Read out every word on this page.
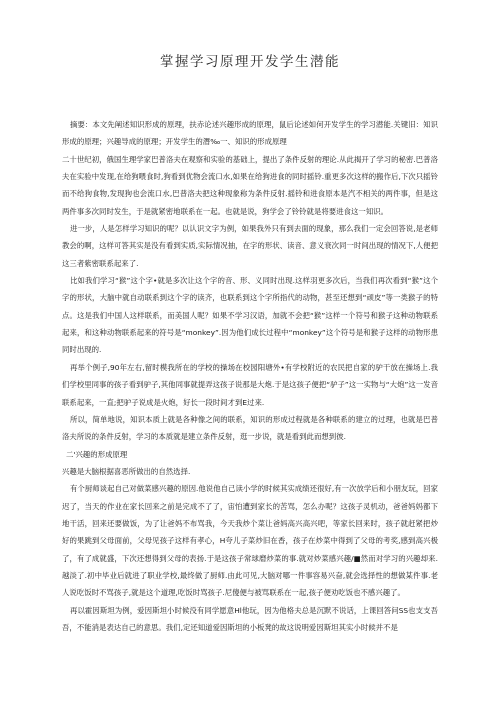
掌握学习原理开发学生潜能

摘要：本文先阐述知识形成的原理，扶赤论述兴趣形成的原理，鼠后论述如何开发学生的学习潜能.关键旧：知识形成的原理；兴趣导成的原理；开发学生的潛‰一、知识的形成原理

二十世纪初，俄国生理学家巴普洛夫在观察和实验的基础上，提出了条件反射的理论.从此揭开了学习的秘密.巴普洛夫在实验中发现,在给狗喂食时,狗看到优物会流口水,如果在给狗进食的同时摇铃.重更多次这样的搬作后,下次只摇铃而不给狗食物,发现狗也会流口水,巴普洛夫把这种现象称为条件反射.摇铃和进食原本是汽不相关的两件事，但是这两件事多次同时发生，于是就紧密地联系在一起。也就是说，狗学会了铃铃就是将要进食这一知识。

进一步，人是怎样学习知识的呢？以认识文字为例，如果我外只有到去面的现象，那么我们一定会回答说,是老师教会的啊，这样可答其实是没有看到实质,实际情况抽，在字的形状、读音、意义衰次同一时间出现的情况下,人便把这三者紫密联系起来了.

比如我们学习“猴”这个字•就是多次让这个字的音、形、义同时出现.这样羽更多次后，当我们再次看到“猴”这个字的形状，大脑中就自动联系到这个字的读齐，也联系到这个字所指代的动物，甚至还想到“顽皮”等一类猴子的特点。这是我们中国人这样联系，而美国人呢？如果不学习汉语，加就不会把“猴”这样一个符号和猴子这种动物联系起来，和这种动物联系起来的符号是“monkey”.因为他们成长过程中“monkey”这个符号是和猴子这样的动物形患同时出现的.

再举个例子,90年左右,留时模我所在的学校的操场在校园阳塘外•有学校附近的农民把自家的驴干放在操场上.我们学校里同事的孩子看到驴子,其他同事就提弄这孩子说那是大炮.于是这孩子便把“驴子”这一实物与“大炮”这一发音联系起来，一直;把驴子说成是火炮，好长一段时间才到E过来.

所以，简单地说，知识本质上就是各种像之间的联系，知识的形成过程就是各种联系的建立的过理，也就是巴普洛夫所说的条件反射，学习的本质就是建立条件反射，逛一步说，就是看到此而想到彼.

二'兴趣的形成原理

兴趣是大脑根据喜恶所做出的自然选择.

有个厨师谈起自己对做菜感兴趣的原因.他说他自己读小学的时候其实成绩还很好,有一次放学后和小朋友玩，回家迟了，当天的作业在家长回来之前是完成不了了，宙怕遭到家长的苦骂，怎么办呢？这孩子灵机动，爸爸妈妈都下地干活，回来还要做饭，为了让爸妈不布骂我，今天我炒个菜让爸妈高兴高兴吧，等家长回来时，孩子就赶紧把炒好的果跳到父母面前，父母见孩子这样有孝心，H夸儿子菜炒旧在香，孩子在炒菜中得到了父母的考奖,感到高兴极了，有了成就盛，下次还想得到父母的表扬.于是这孩子常球磨炒菜的事.就对炒菜感兴趣/■然而对学习的兴趣却来.越淡了.初中毕业后就进了职业学校,最终做了厨师.由此可见,大脑对哪一件事容易兴奋,就会选择性的想做某件事.老人说吃饭时不骂孩子,就是这个道理,吃饭时骂孩子.尼傻便与被骂联系在一起,孩子便劝吃饭也不感兴趣了。

再以霍因斯坦为例，爱因斯坦小时候没有同学愿意Hl他玩，因为他格夫总是沉默不说话，上课回答问SS也支支吾吾，不能消是表达自己的意思。我们,定还知道爱因斯坦的小板凳的故这说明爱因斯坦其实小时候并不是
